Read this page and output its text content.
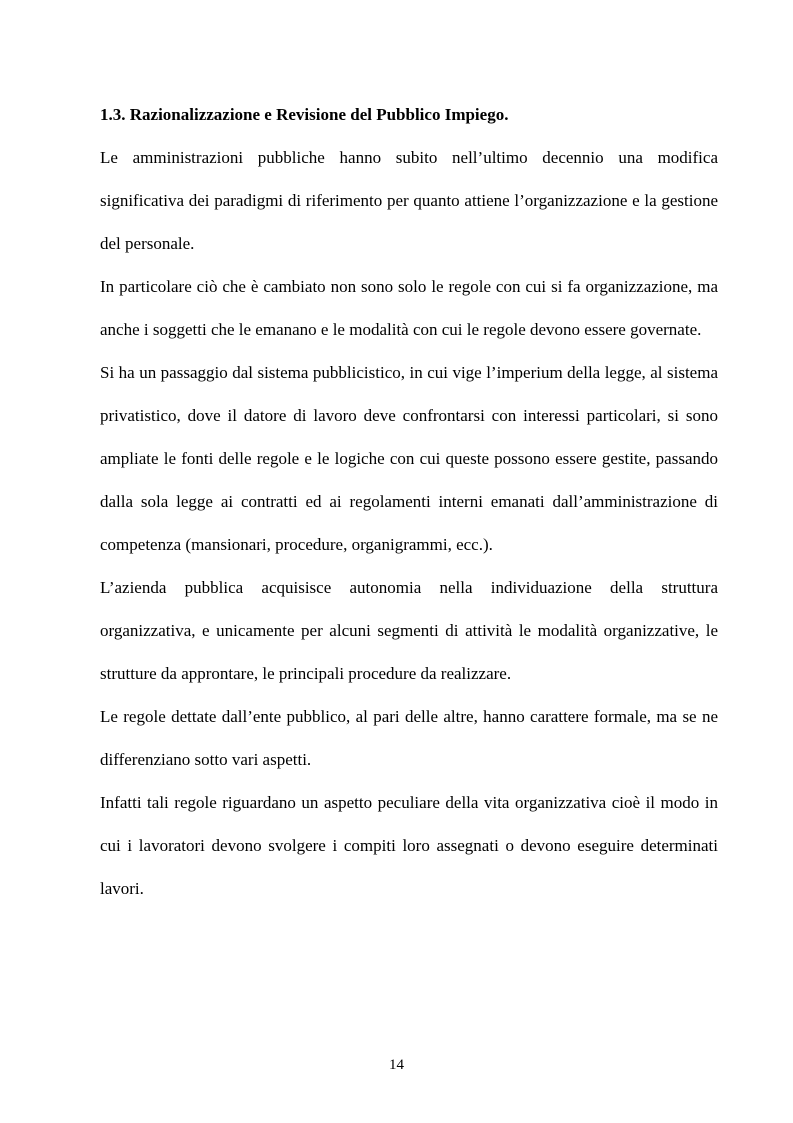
1.3. Razionalizzazione e Revisione del Pubblico Impiego.

Le amministrazioni pubbliche hanno subito nell’ultimo decennio una modifica significativa dei paradigmi di riferimento per quanto attiene l’organizzazione e la gestione del personale.

In particolare ciò che è cambiato non sono solo le regole con cui si fa organizzazione, ma anche i soggetti che le emanano e le modalità con cui le regole devono essere governate.

Si ha un passaggio dal sistema pubblicistico, in cui vige l’imperium della legge, al sistema privatistico, dove il datore di lavoro deve confrontarsi con interessi particolari, si sono ampliate le fonti delle regole e le logiche con cui queste possono essere gestite, passando dalla sola legge ai contratti ed ai regolamenti interni emanati dall’amministrazione di competenza (mansionari, procedure, organigrammi, ecc.).

L’azienda pubblica acquisisce autonomia nella individuazione della struttura organizzativa, e unicamente per alcuni segmenti di attività le modalità organizzative, le strutture da approntare, le principali procedure da realizzare.

Le regole dettate dall’ente pubblico, al pari delle altre, hanno carattere formale, ma se ne differenziano sotto vari aspetti.

Infatti tali regole riguardano un aspetto peculiare della vita organizzativa cioè il modo in cui i lavoratori devono svolgere i compiti loro assegnati o devono eseguire determinati lavori.

14
